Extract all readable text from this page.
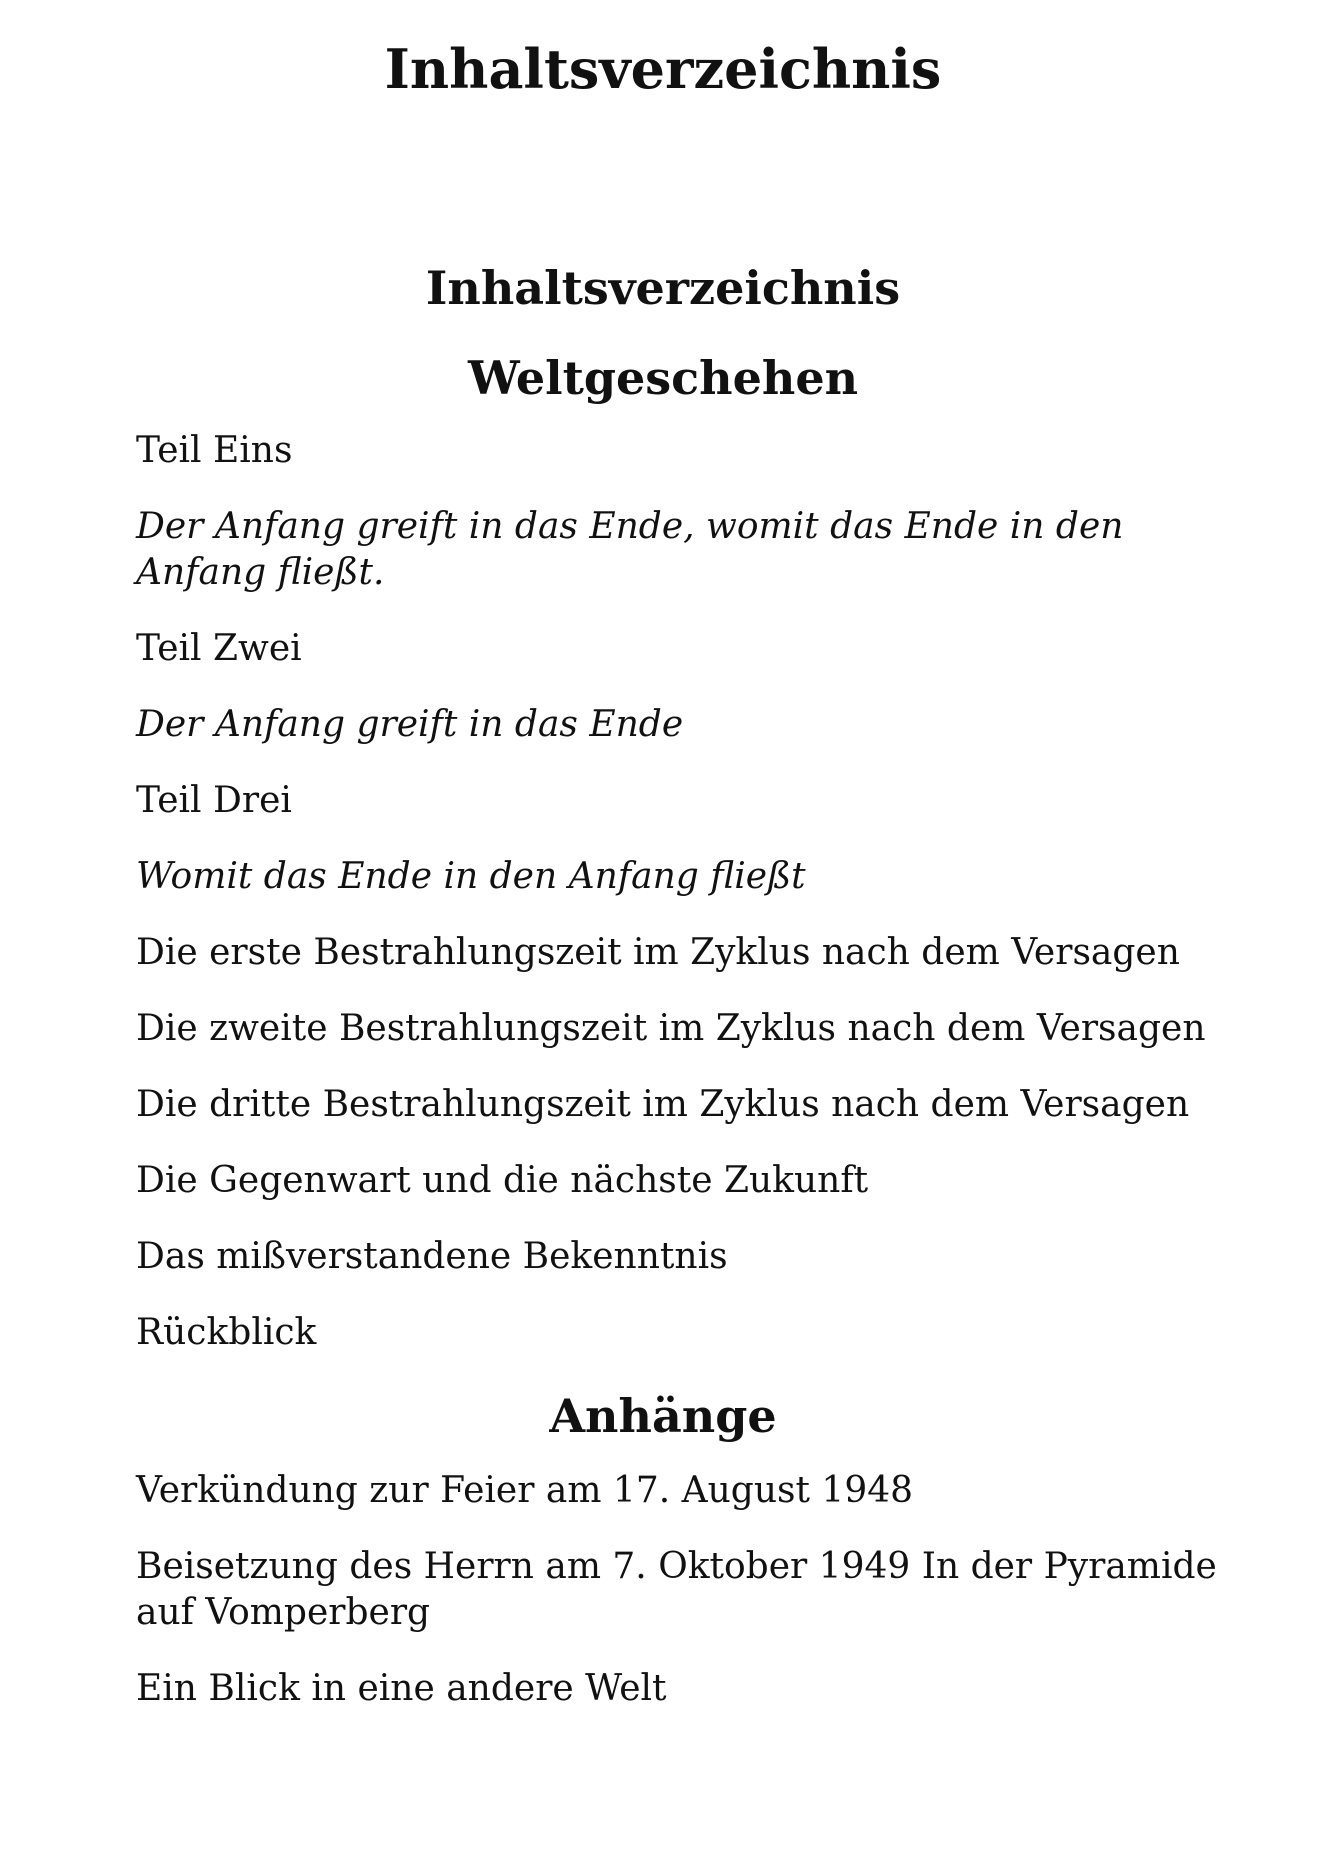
Inhaltsverzeichnis
Inhaltsverzeichnis
Weltgeschehen

Teil Eins

Der Anfang greift in das Ende, womit das Ende in den Anfang fließt.

Teil Zwei

Der Anfang greift in das Ende

Teil Drei

Womit das Ende in den Anfang fließt

Die erste Bestrahlungszeit im Zyklus nach dem Versagen

Die zweite Bestrahlungszeit im Zyklus nach dem Versagen

Die dritte Bestrahlungszeit im Zyklus nach dem Versagen

Die Gegenwart und die nächste Zukunft

Das mißverstandene Bekenntnis

Rückblick

Anhänge

Verkündung zur Feier am 17. August 1948

Beisetzung des Herrn am 7. Oktober 1949 In der Pyramide auf Vomperberg

Ein Blick in eine andere Welt
